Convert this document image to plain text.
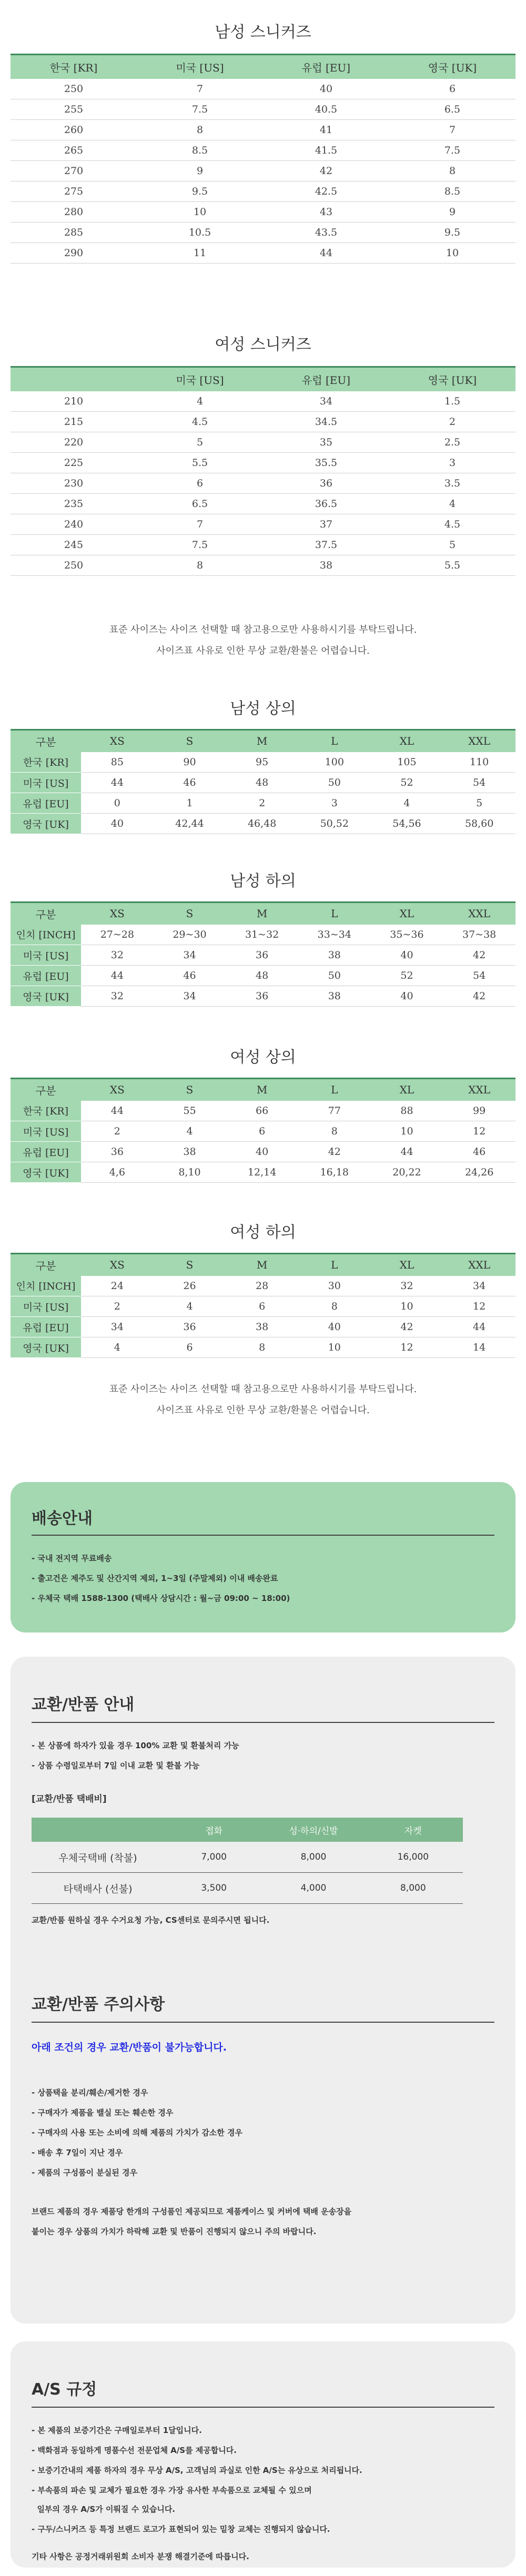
남성 스니커즈
한국 [KR]	미국 [US]	유럽 [EU]	영국 [UK]
250	7	40	6
255	7.5	40.5	6.5
260	8	41	7
265	8.5	41.5	7.5
270	9	42	8
275	9.5	42.5	8.5
280	10	43	9
285	10.5	43.5	9.5
290	11	44	10
여성 스니커즈
	미국 [US]	유럽 [EU]	영국 [UK]
210	4	34	1.5
215	4.5	34.5	2
220	5	35	2.5
225	5.5	35.5	3
230	6	36	3.5
235	6.5	36.5	4
240	7	37	4.5
245	7.5	37.5	5
250	8	38	5.5
표준 사이즈는 사이즈 선택할 때 참고용으로만 사용하시기를 부탁드립니다.
사이즈표 사유로 인한 무상 교환/환불은 어렵습니다.
남성 상의
구분	XS	S	M	L	XL	XXL
한국 [KR]	85	90	95	100	105	110
미국 [US]	44	46	48	50	52	54
유럽 [EU]	0	1	2	3	4	5
영국 [UK]	40	42,44	46,48	50,52	54,56	58,60
남성 하의
구분	XS	S	M	L	XL	XXL
인치 [INCH]	27~28	29~30	31~32	33~34	35~36	37~38
미국 [US]	32	34	36	38	40	42
유럽 [EU]	44	46	48	50	52	54
영국 [UK]	32	34	36	38	40	42
여성 상의
구분	XS	S	M	L	XL	XXL
한국 [KR]	44	55	66	77	88	99
미국 [US]	2	4	6	8	10	12
유럽 [EU]	36	38	40	42	44	46
영국 [UK]	4,6	8,10	12,14	16,18	20,22	24,26
여성 하의
구분	XS	S	M	L	XL	XXL
인치 [INCH]	24	26	28	30	32	34
미국 [US]	2	4	6	8	10	12
유럽 [EU]	34	36	38	40	42	44
영국 [UK]	4	6	8	10	12	14
표준 사이즈는 사이즈 선택할 때 참고용으로만 사용하시기를 부탁드립니다.
사이즈표 사유로 인한 무상 교환/환불은 어렵습니다.
배송안내
- 국내 전지역 무료배송
- 출고건은 제주도 및 산간지역 제외, 1~3일 (주말제외) 이내 배송완료
- 우체국 택배 1588-1300 (택배사 상담시간 : 월~금 09:00 ~ 18:00)
교환/반품 안내
- 본 상품에 하자가 있을 경우 100% 교환 및 환불처리 가능
- 상품 수령일로부터 7일 이내 교환 및 환불 가능
[교환/반품 택배비]
	접화	성·하의/신발	자켓
우체국택배 (착불)	7,000	8,000	16,000
타택배사 (선불)	3,500	4,000	8,000
교환/반품 원하실 경우 수거요청 가능, CS센터로 문의주시면 됩니다.
교환/반품 주의사항
아래 조건의 경우 교환/반품이 불가능합니다.
- 상품택을 분리/훼손/제거한 경우
- 구매자가 제품을 밸실 또는 훼손한 경우
- 구매자의 사용 또는 소비에 의해 제품의 가치가 감소한 경우
- 배송 후 7일이 지난 경우
- 제품의 구성품이 분실된 경우
브랜드 제품의 경우 제품당 한개의 구성품인 제공되므로 제품케이스 및 커버에 택배 운송장을
붙이는 경우 상품의 가치가 하락해 교환 및 반품이 진행되지 않으니 주의 바랍니다.
A/S 규정
- 본 제품의 보증기간은 구매일로부터 1달입니다.
- 백화점과 동일하게 명품수선 전문업체 A/S를 제공합니다.
- 보증기간내의 제품 하자의 경우 무상 A/S, 고객님의 과실로 인한 A/S는 유상으로 처리됩니다.
- 부속품의 파손 및 교체가 필요한 경우 가장 유사한 부속품으로 교체될 수 있으며
일부의 경우 A/S가 이뤄질 수 있습니다.
- 구두/스니커즈 등 특정 브랜드 로고가 표현되어 있는 밑창 교체는 진행되지 않습니다.
기타 사항은 공정거래위원회 소비자 분쟁 해결기준에 따릅니다.
